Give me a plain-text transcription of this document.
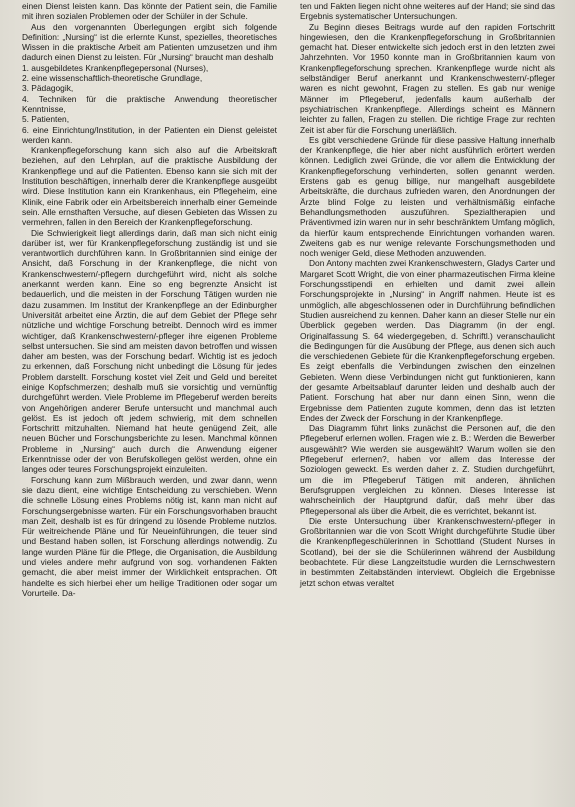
einen Dienst leisten kann. Das könnte der Patient sein, die Familie mit ihren sozialen Problemen oder der Schüler in der Schule.

Aus den vorgenannten Überlegungen ergibt sich folgende Definition: „Nursing“ ist die erlernte Kunst, spezielles, theoretisches Wissen in die praktische Arbeit am Patienten umzusetzen und ihm dadurch einen Dienst zu leisten. Für „Nursing“ braucht man deshalb

1. ausgebildetes Krankenpflegepersonal (Nurses),
2. eine wissenschaftlich-theoretische Grundlage,
3. Pädagogik,
4. Techniken für die praktische Anwendung theoretischer Kenntnisse,
5. Patienten,
6. eine Einrichtung/Institution, in der Patienten ein Dienst geleistet werden kann.

Krankenpflegeforschung kann sich also auf die Arbeitskraft beziehen, auf den Lehrplan, auf die praktische Ausbildung der Krankenpflege und auf die Patienten. Ebenso kann sie sich mit der Institution beschäftigen, innerhalb derer die Krankenpflege ausgeübt wird. Diese Institution kann ein Krankenhaus, ein Pflegeheim, eine Klinik, eine Fabrik oder ein Arbeitsbereich innerhalb einer Gemeinde sein. Alle ernsthaften Versuche, auf diesen Gebieten das Wissen zu vermehren, fallen in den Bereich der Krankenpflegeforschung.

Die Schwierigkeit liegt allerdings darin, daß man sich nicht einig darüber ist, wer für Krankenpflegeforschung zuständig ist und sie verantwortlich durchführen kann. In Großbritannien sind einige der Ansicht, daß Forschung in der Krankenpflege, die nicht von Krankenschwestern/-pflegern durchgeführt wird, nicht als solche anerkannt werden kann. Eine so eng begrenzte Ansicht ist bedauerlich, und die meisten in der Forschung Tätigen wurden nie dazu zusammen. Im Institut der Krankenpflege an der Edinburgher Universität arbeitet eine Ärztin, die auf dem Gebiet der Pflege sehr nützliche und wichtige Forschung betreibt. Dennoch wird es immer wichtiger, daß Krankenschwestern/-pfleger ihre eigenen Probleme selbst untersuchen. Sie sind am meisten davon betroffen und wissen daher am besten, was der Forschung bedarf. Wichtig ist es jedoch zu erkennen, daß Forschung nicht unbedingt die Lösung für jedes Problem darstellt. Forschung kostet viel Zeit und Geld und bereitet einige Kopfschmerzen; deshalb muß sie vorsichtig und vernünftig durchgeführt werden. Viele Probleme im Pflegeberuf werden bereits von Angehörigen anderer Berufe untersucht und manchmal auch gelöst. Es ist jedoch oft jedem schwierig, mit dem schnellen Fortschritt mitzuhalten. Niemand hat heute genügend Zeit, alle neuen Bücher und Forschungsberichte zu lesen. Manchmal können Probleme in „Nursing“ auch durch die Anwendung eigener Erkenntnisse oder der von Berufskollegen gelöst werden, ohne ein langes oder teures Forschungsprojekt einzuleiten.

Forschung kann zum Mißbrauch werden, und zwar dann, wenn sie dazu dient, eine wichtige Entscheidung zu verschieben. Wenn die schnelle Lösung eines Problems nötig ist, kann man nicht auf Forschungsergebnisse warten. Für ein Forschungsvorhaben braucht man Zeit, deshalb ist es für dringend zu lösende Probleme nutzlos. Für weitreichende Pläne und für Neueinführungen, die teuer sind und Bestand haben sollen, ist Forschung allerdings notwendig. Zu lange wurden Pläne für die Pflege, die Organisation, die Ausbildung und vieles andere mehr aufgrund von sog. vorhandenen Fakten gemacht, die aber meist immer der Wirklichkeit entsprachen. Oft handelte es sich hierbei eher um heilige Traditionen oder sogar um Vorurteile. Da-

ten und Fakten liegen nicht ohne weiteres auf der Hand; sie sind das Ergebnis systematischer Untersuchungen.

Zu Beginn dieses Beitrags wurde auf den rapiden Fortschritt hingewiesen, den die Krankenpflegeforschung in Großbritannien gemacht hat. Dieser entwickelte sich jedoch erst in den letzten zwei Jahrzehnten. Vor 1950 konnte man in Großbritannien kaum von Krankenpflegeforschung sprechen. Krankenpflege wurde nicht als selbständiger Beruf anerkannt und Krankenschwestern/-pfleger waren es nicht gewohnt, Fragen zu stellen. Es gab nur wenige Männer im Pflegeberuf, jedenfalls kaum außerhalb der psychiatrischen Krankenpflege. Allerdings scheint es Männern leichter zu fallen, Fragen zu stellen. Die richtige Frage zur rechten Zeit ist aber für die Forschung unerläßlich.

Es gibt verschiedene Gründe für diese passive Haltung innerhalb der Krankenpflege, die hier aber nicht ausführlich erörtert werden können. Lediglich zwei Gründe, die vor allem die Entwicklung der Krankenpflegeforschung verhinderten, sollen genannt werden. Erstens gab es genug billige, nur mangelhaft ausgebildete Arbeitskräfte, die durchaus zufrieden waren, den Anordnungen der Ärzte blind Folge zu leisten und verhältnismäßig einfache Behandlungsmethoden auszuführen. Spezialtherapien und Präventivmed izin waren nur in sehr beschränktem Umfang möglich, da hierfür kaum entsprechende Einrichtungen vorhanden waren. Zweitens gab es nur wenige relevante Forschungsmethoden und noch weniger Geld, diese Methoden anzuwenden.

Don Antony machten zwei Krankenschwestern, Gladys Carter und Margaret Scott Wright, die von einer pharmazeutischen Firma kleine Forschungsstipendi en erhielten und damit zwei allein Forschungsprojekte in „Nursing“ in Angriff nahmen. Heute ist es unmöglich, alle abgeschlossenen oder in Durchführung befindlichen Studien ausreichend zu kennen. Daher kann an dieser Stelle nur ein Überblick gegeben werden. Das Diagramm (in der engl. Originalfassung S. 64 wiedergegeben, d. Schriftl.) veranschaulicht die Bedingungen für die Ausübung der Pflege, aus denen sich auch die verschiedenen Gebiete für die Krankenpflegeforschung ergeben. Es zeigt ebenfalls die Verbindungen zwischen den einzelnen Gebieten. Wenn diese Verbindungen nicht gut funktionieren, kann der gesamte Arbeitsablauf darunter leiden und deshalb auch der Patient. Forschung hat aber nur dann einen Sinn, wenn die Ergebnisse dem Patienten zugute kommen, denn das ist letzten Endes der Zweck der Forschung in der Krankenpflege.

Das Diagramm führt links zunächst die Personen auf, die den Pflegeberuf erlernen wollen. Fragen wie z. B.: Werden die Bewerber ausgewählt? Wie werden sie ausgewählt? Warum wollen sie den Pflegeberuf erlernen?, haben vor allem das Interesse der Soziologen geweckt. Es werden daher z. Z. Studien durchgeführt, um die im Pflegeberuf Tätigen mit anderen, ähnlichen Berufsgruppen vergleichen zu können. Dieses Interesse ist wahrscheinlich der Hauptgrund dafür, daß mehr über das Pflegepersonal als über die Arbeit, die es verrichtet, bekannt ist.

Die erste Untersuchung über Krankenschwestern/-pfleger in Großbritannien war die von Scott Wright durchgeführte Studie über die Krankenpflegeschülerinnen in Schottland (Student Nurses in Scotland), bei der sie die Schülerinnen während der Ausbildung beobachtete. Für diese Langzeitstudie wurden die Lernschwestern in bestimmten Zeitabständen interviewt. Obgleich die Ergebnisse jetzt schon etwas veraltet
